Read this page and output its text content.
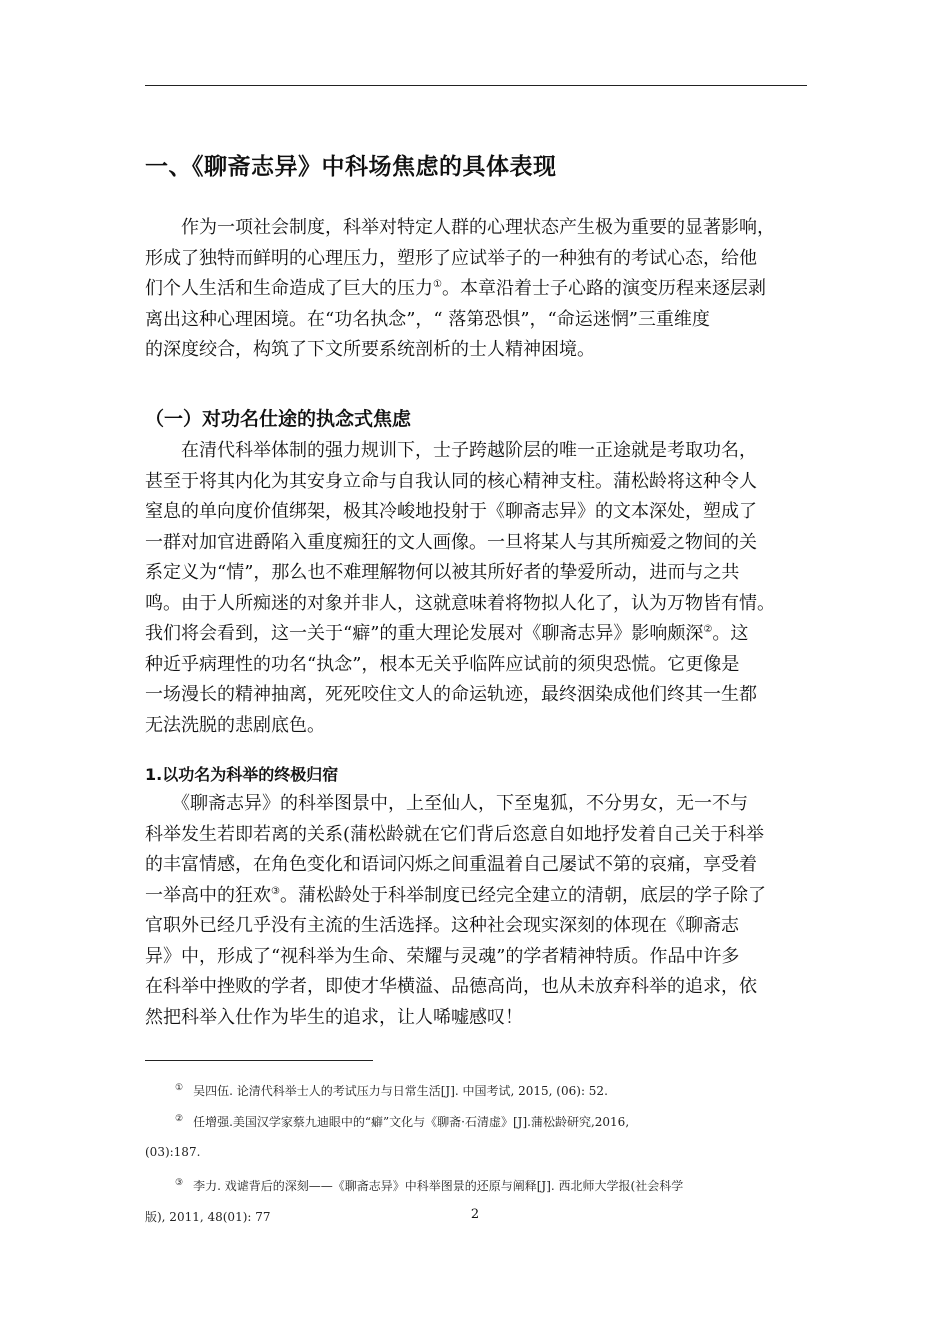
一、《聊斋志异》中科场焦虑的具体表现
　　作为一项社会制度，科举对特定人群的心理状态产生极为重要的显著影响，
形成了独特而鲜明的心理压力，塑形了应试举子的一种独有的考试心态，给他
们个人生活和生命造成了巨大的压力①。本章沿着士子心路的演变历程来逐层剥
离出这种心理困境。在“功名执念”，“ 落第恐惧”，“命运迷惘”三重维度
的深度绞合，构筑了下文所要系统剖析的士人精神困境。
（一）对功名仕途的执念式焦虑
　　在清代科举体制的强力规训下，士子跨越阶层的唯一正途就是考取功名，
甚至于将其内化为其安身立命与自我认同的核心精神支柱。蒲松龄将这种令人
窒息的单向度价值绑架，极其冷峻地投射于《聊斋志异》的文本深处，塑成了
一群对加官进爵陷入重度痴狂的文人画像。一旦将某人与其所痴爱之物间的关
系定义为“情”，那么也不难理解物何以被其所好者的挚爱所动，进而与之共
鸣。由于人所痴迷的对象并非人，这就意味着将物拟人化了，认为万物皆有情。
我们将会看到，这一关于“癖”的重大理论发展对《聊斋志异》影响颇深②。这
种近乎病理性的功名“执念”，根本无关乎临阵应试前的须臾恐慌。它更像是
一场漫长的精神抽离，死死咬住文人的命运轨迹，最终洇染成他们终其一生都
无法洗脱的悲剧底色。
1.以功名为科举的终极归宿
　　《聊斋志异》的科举图景中，上至仙人，下至鬼狐，不分男女，无一不与
科举发生若即若离的关系(蒲松龄就在它们背后恣意自如地抒发着自己关于科举
的丰富情感，在角色变化和语词闪烁之间重温着自己屡试不第的哀痛，享受着
一举高中的狂欢③。蒲松龄处于科举制度已经完全建立的清朝，底层的学子除了
官职外已经几乎没有主流的生活选择。这种社会现实深刻的体现在《聊斋志
异》中，形成了“视科举为生命、荣耀与灵魂”的学者精神特质。作品中许多
在科举中挫败的学者，即使才华横溢、品德高尚，也从未放弃科举的追求，依
然把科举入仕作为毕生的追求，让人唏嘘感叹！

① 吴四伍. 论清代科举士人的考试压力与日常生活[J]. 中国考试, 2015, (06): 52.

② 任增强.美国汉学家蔡九迪眼中的“癖”文化与《聊斋·石清虚》[J].蒲松龄研究,2016,

(03):187.

③ 李力. 戏谑背后的深刻——《聊斋志异》中科举图景的还原与阐释[J]. 西北师大学报(社会科学

版), 2011, 48(01): 77	2
